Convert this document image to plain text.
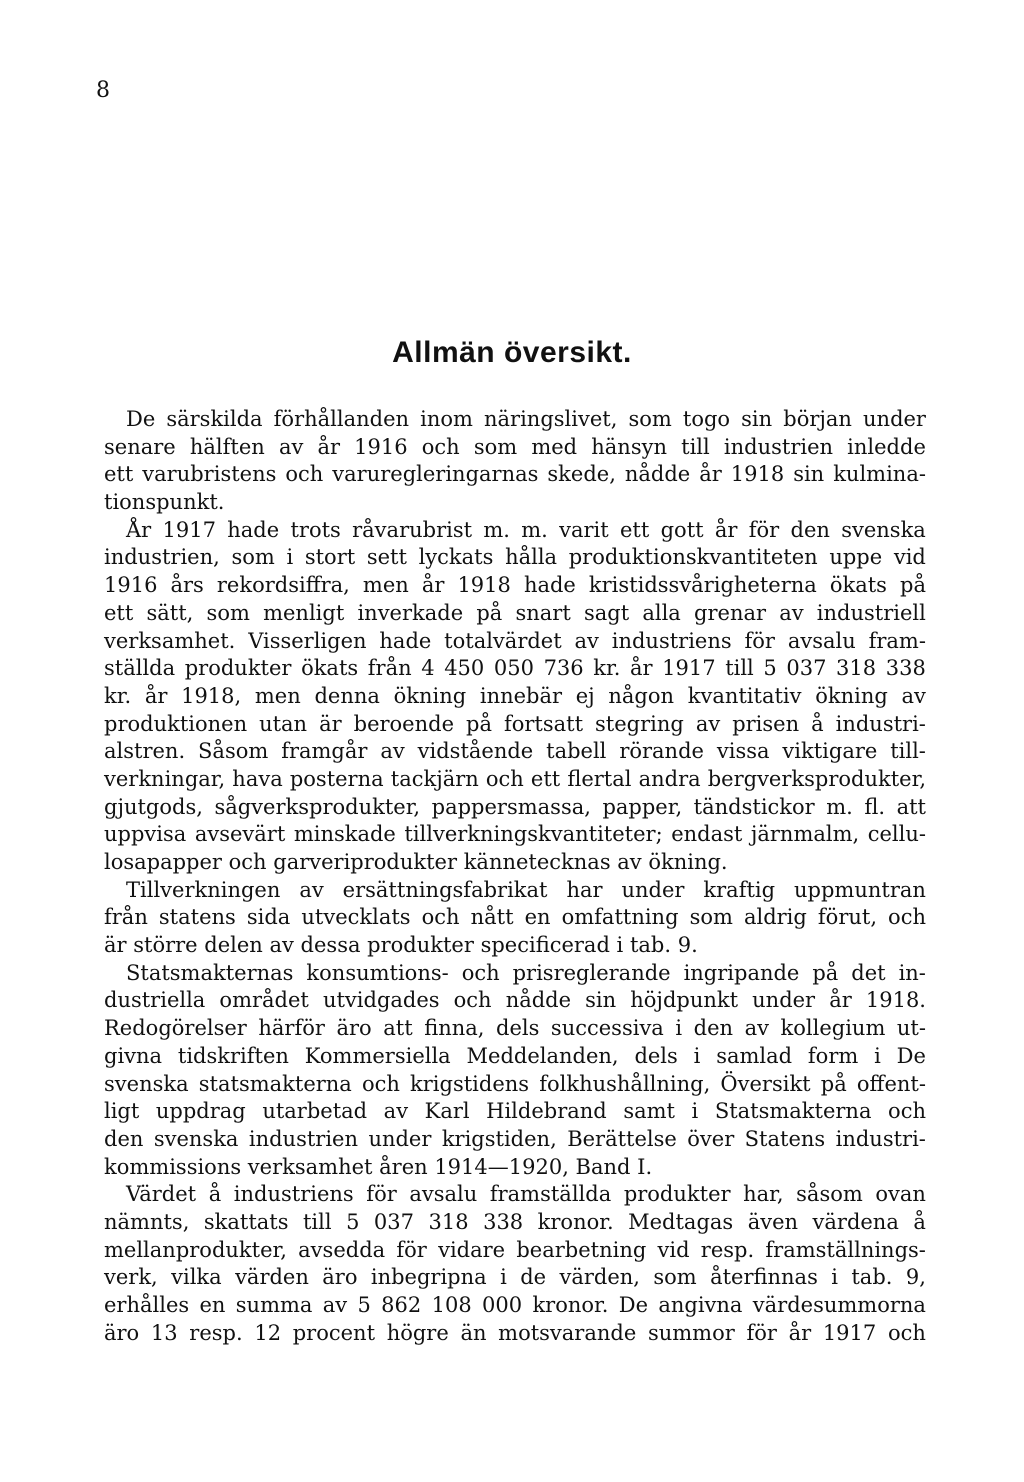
8
Allmän översikt.
De särskilda förhållanden inom näringslivet, som togo sin början under
senare hälften av år 1916 och som med hänsyn till industrien inledde
ett varubristens och varuregleringarnas skede, nådde år 1918 sin kulmina-
tionspunkt.
År 1917 hade trots råvarubrist m. m. varit ett gott år för den svenska
industrien, som i stort sett lyckats hålla produktionskvantiteten uppe vid
1916 års rekordsiffra, men år 1918 hade kristidssvårigheterna ökats på
ett sätt, som menligt inverkade på snart sagt alla grenar av industriell
verksamhet. Visserligen hade totalvärdet av industriens för avsalu fram-
ställda produkter ökats från 4 450 050 736 kr. år 1917 till 5 037 318 338
kr. år 1918, men denna ökning innebär ej någon kvantitativ ökning av
produktionen utan är beroende på fortsatt stegring av prisen å industri-
alstren. Såsom framgår av vidstående tabell rörande vissa viktigare till-
verkningar, hava posterna tackjärn och ett flertal andra bergverksprodukter,
gjutgods, sågverksprodukter, pappersmassa, papper, tändstickor m. fl. att
uppvisa avsevärt minskade tillverkningskvantiteter; endast järnmalm, cellu-
losapapper och garveriprodukter kännetecknas av ökning.
Tillverkningen av ersättningsfabrikat har under kraftig uppmuntran
från statens sida utvecklats och nått en omfattning som aldrig förut, och
är större delen av dessa produkter specificerad i tab. 9.
Statsmakternas konsumtions- och prisreglerande ingripande på det in-
dustriella området utvidgades och nådde sin höjdpunkt under år 1918.
Redogörelser härför äro att finna, dels successiva i den av kollegium ut-
givna tidskriften Kommersiella Meddelanden, dels i samlad form i De
svenska statsmakterna och krigstidens folkhushållning, Översikt på offent-
ligt uppdrag utarbetad av Karl Hildebrand samt i Statsmakterna och
den svenska industrien under krigstiden, Berättelse över Statens industri-
kommissions verksamhet åren 1914—1920, Band I.
Värdet å industriens för avsalu framställda produkter har, såsom ovan
nämnts, skattats till 5 037 318 338 kronor. Medtagas även värdena å
mellanprodukter, avsedda för vidare bearbetning vid resp. framställnings-
verk, vilka värden äro inbegripna i de värden, som återfinnas i tab. 9,
erhålles en summa av 5 862 108 000 kronor. De angivna värdesummorna
äro 13 resp. 12 procent högre än motsvarande summor för år 1917 och
